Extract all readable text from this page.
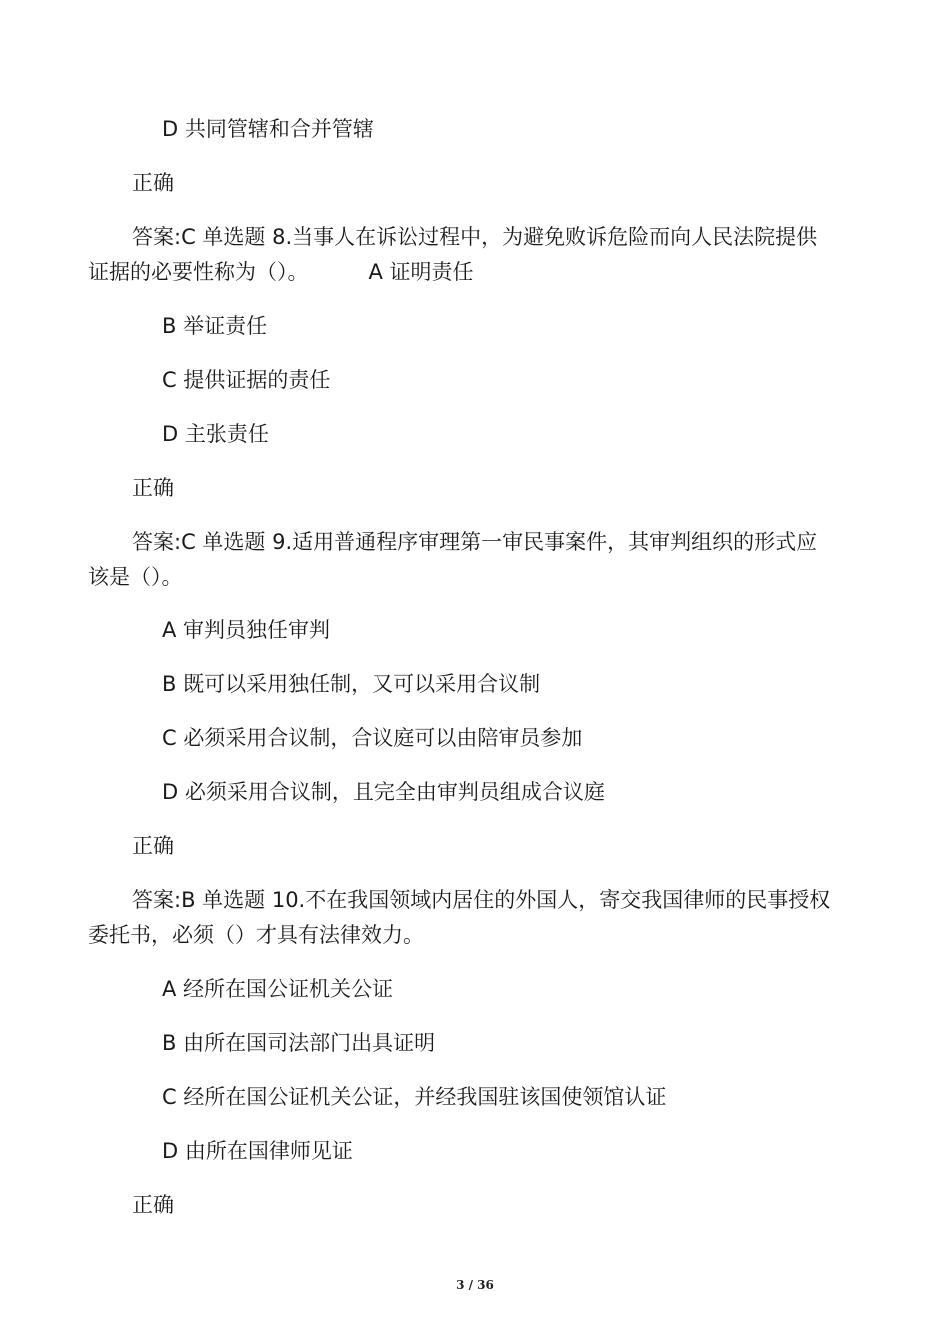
D 共同管辖和合并管辖
正确
答案:C 单选题 8.当事人在诉讼过程中，为避免败诉危险而向人民法院提供
证据的必要性称为（）。	A 证明责任
B 举证责任
C 提供证据的责任
D 主张责任
正确
答案:C 单选题 9.适用普通程序审理第一审民事案件，其审判组织的形式应
该是（）。
A 审判员独任审判
B 既可以采用独任制，又可以采用合议制
C 必须采用合议制，合议庭可以由陪审员参加
D 必须采用合议制，且完全由审判员组成合议庭
正确
答案:B 单选题 10.不在我国领域内居住的外国人，寄交我国律师的民事授权
委托书，必须（）才具有法律效力。
A 经所在国公证机关公证
B 由所在国司法部门出具证明
C 经所在国公证机关公证，并经我国驻该国使领馆认证
D 由所在国律师见证
正确
3 / 36
